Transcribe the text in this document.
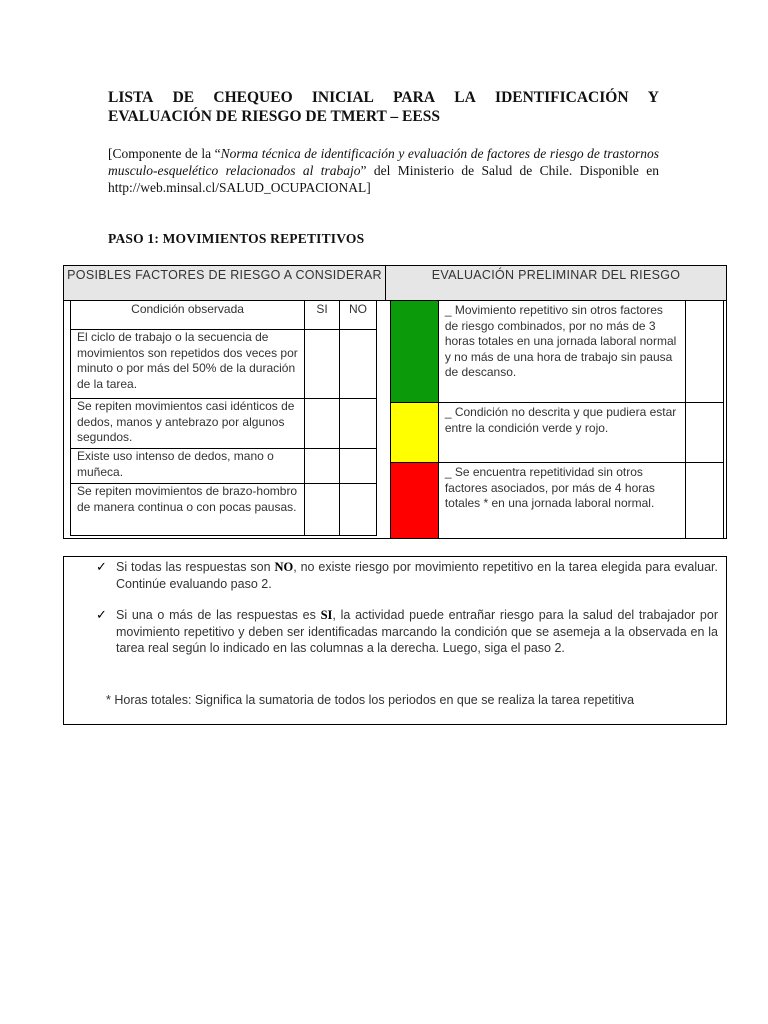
LISTA DE CHEQUEO INICIAL PARA LA IDENTIFICACIÓN Y
EVALUACIÓN DE RIESGO DE TMERT – EESS
[Componente de la “Norma técnica de identificación y evaluación de factores de riesgo de trastornos musculo-esquelético relacionados al trabajo” del Ministerio de Salud de Chile. Disponible en http://web.minsal.cl/SALUD_OCUPACIONAL]
PASO 1: MOVIMIENTOS REPETITIVOS
POSIBLES FACTORES DE RIESGO A CONSIDERAR	EVALUACIÓN PRELIMINAR DEL RIESGO
Condición observada	SI	NO
El ciclo de trabajo o la secuencia de movimientos son repetidos dos veces por minuto o por más del 50% de la duración de la tarea.		
Se repiten movimientos casi idénticos de dedos, manos y antebrazo por algunos segundos.		
Existe uso intenso de dedos, mano o muñeca.		
Se repiten movimientos de brazo-hombro de manera continua o con pocas pausas.		
	_ Movimiento repetitivo sin otros factores de riesgo combinados, por no más de 3 horas totales en una jornada laboral normal y no más de una hora de trabajo sin pausa de descanso.	
	_ Condición no descrita y que pudiera estar entre la condición verde y rojo.	
	_ Se encuentra repetitividad sin otros factores asociados, por más de 4 horas totales * en una jornada laboral normal.	
✓ Si todas las respuestas son NO, no existe riesgo por movimiento repetitivo en la tarea elegida para evaluar. Continúe evaluando paso 2.
✓ Si una o más de las respuestas es SI, la actividad puede entrañar riesgo para la salud del trabajador por movimiento repetitivo y deben ser identificadas marcando la condición que se asemeja a la observada en la tarea real según lo indicado en las columnas a la derecha. Luego, siga el paso 2.
* Horas totales: Significa la sumatoria de todos los periodos en que se realiza la tarea repetitiva
